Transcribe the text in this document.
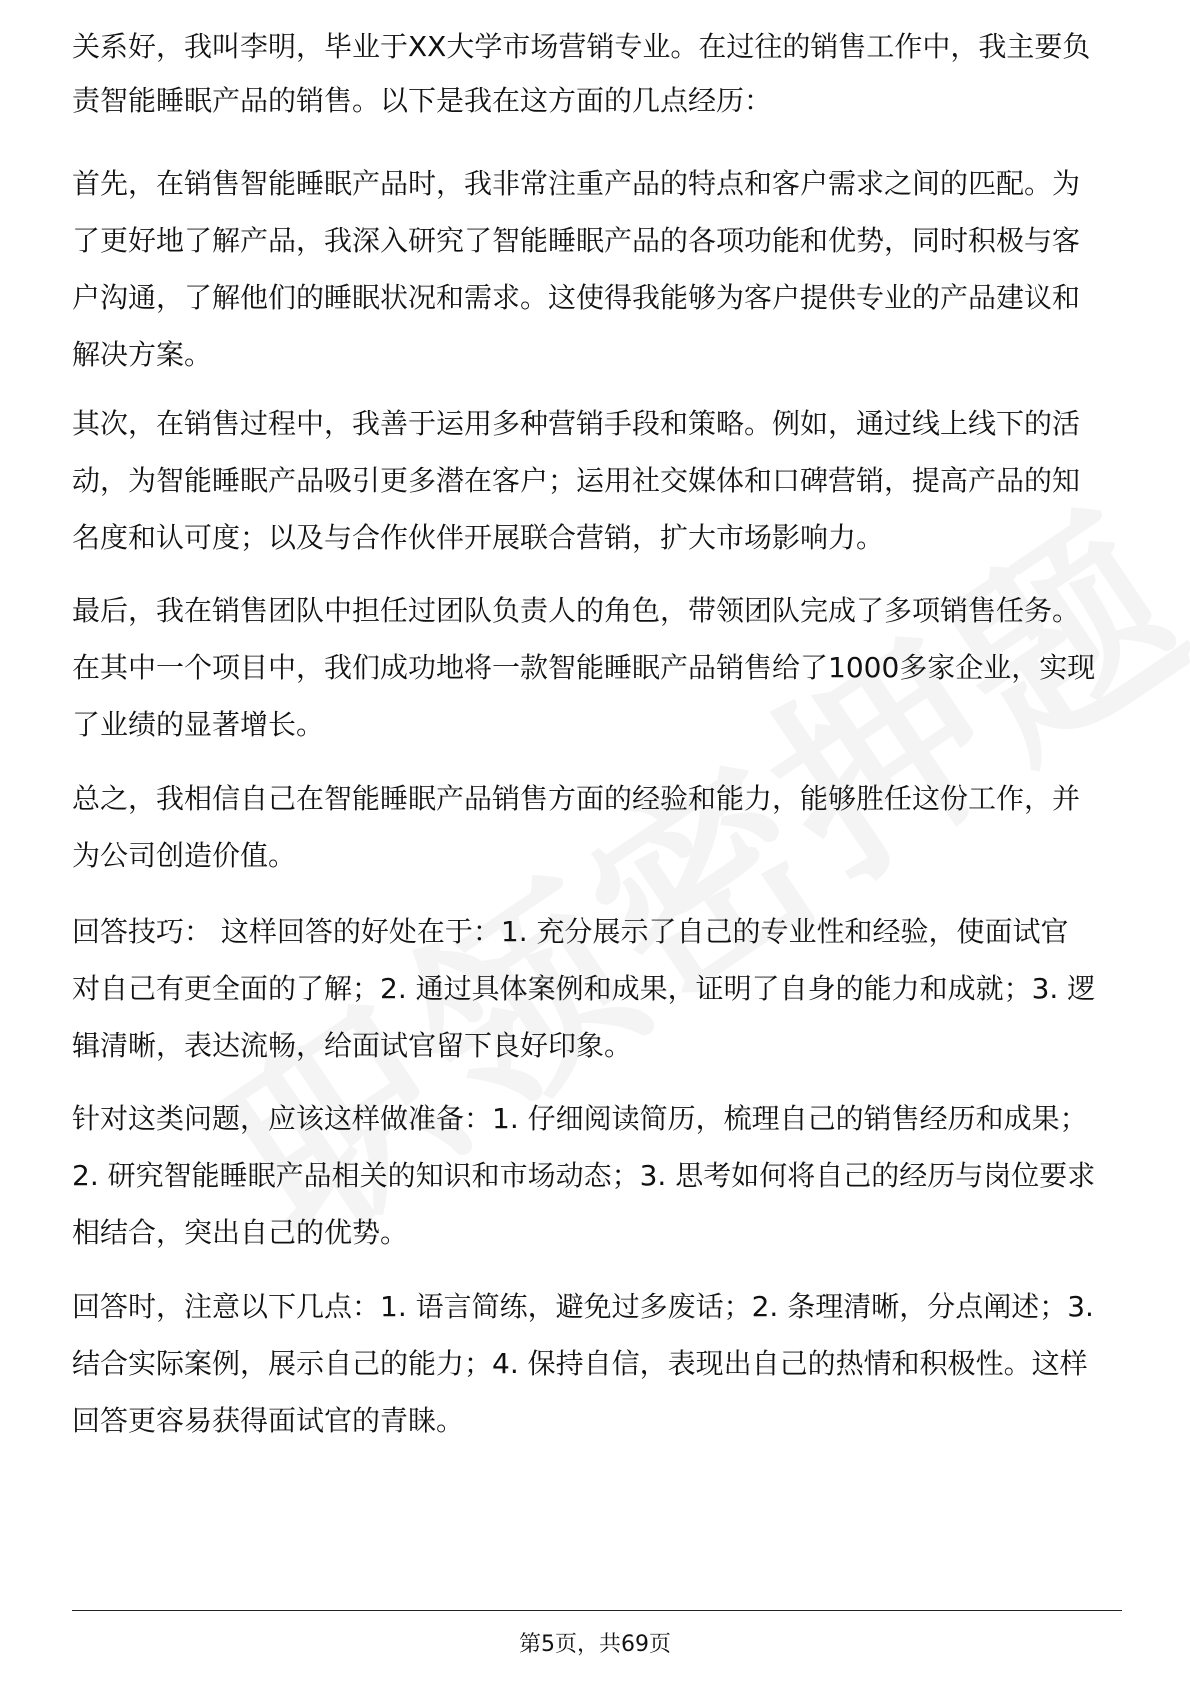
关系好，我叫李明，毕业于XX大学市场营销专业。在过往的销售工作中，我主要负

责智能睡眠产品的销售。以下是我在这方面的几点经历：

首先，在销售智能睡眠产品时，我非常注重产品的特点和客户需求之间的匹配。为
了更好地了解产品，我深入研究了智能睡眠产品的各项功能和优势，同时积极与客
户沟通，了解他们的睡眠状况和需求。这使得我能够为客户提供专业的产品建议和
解决方案。

其次，在销售过程中，我善于运用多种营销手段和策略。例如，通过线上线下的活
动，为智能睡眠产品吸引更多潜在客户；运用社交媒体和口碑营销，提高产品的知
名度和认可度；以及与合作伙伴开展联合营销，扩大市场影响力。

最后，我在销售团队中担任过团队负责人的角色，带领团队完成了多项销售任务。
在其中一个项目中，我们成功地将一款智能睡眠产品销售给了1000多家企业，实现
了业绩的显著增长。

总之，我相信自己在智能睡眠产品销售方面的经验和能力，能够胜任这份工作，并
为公司创造价值。

回答技巧： 这样回答的好处在于：1. 充分展示了自己的专业性和经验，使面试官
对自己有更全面的了解；2. 通过具体案例和成果，证明了自身的能力和成就；3. 逻
辑清晰，表达流畅，给面试官留下良好印象。

针对这类问题，应该这样做准备：1. 仔细阅读简历，梳理自己的销售经历和成果；
2. 研究智能睡眠产品相关的知识和市场动态；3. 思考如何将自己的经历与岗位要求
相结合，突出自己的优势。

回答时，注意以下几点：1. 语言简练，避免过多废话；2. 条理清晰，分点阐述；3.
结合实际案例，展示自己的能力；4. 保持自信，表现出自己的热情和积极性。这样
回答更容易获得面试官的青睐。

第5页，共69页
